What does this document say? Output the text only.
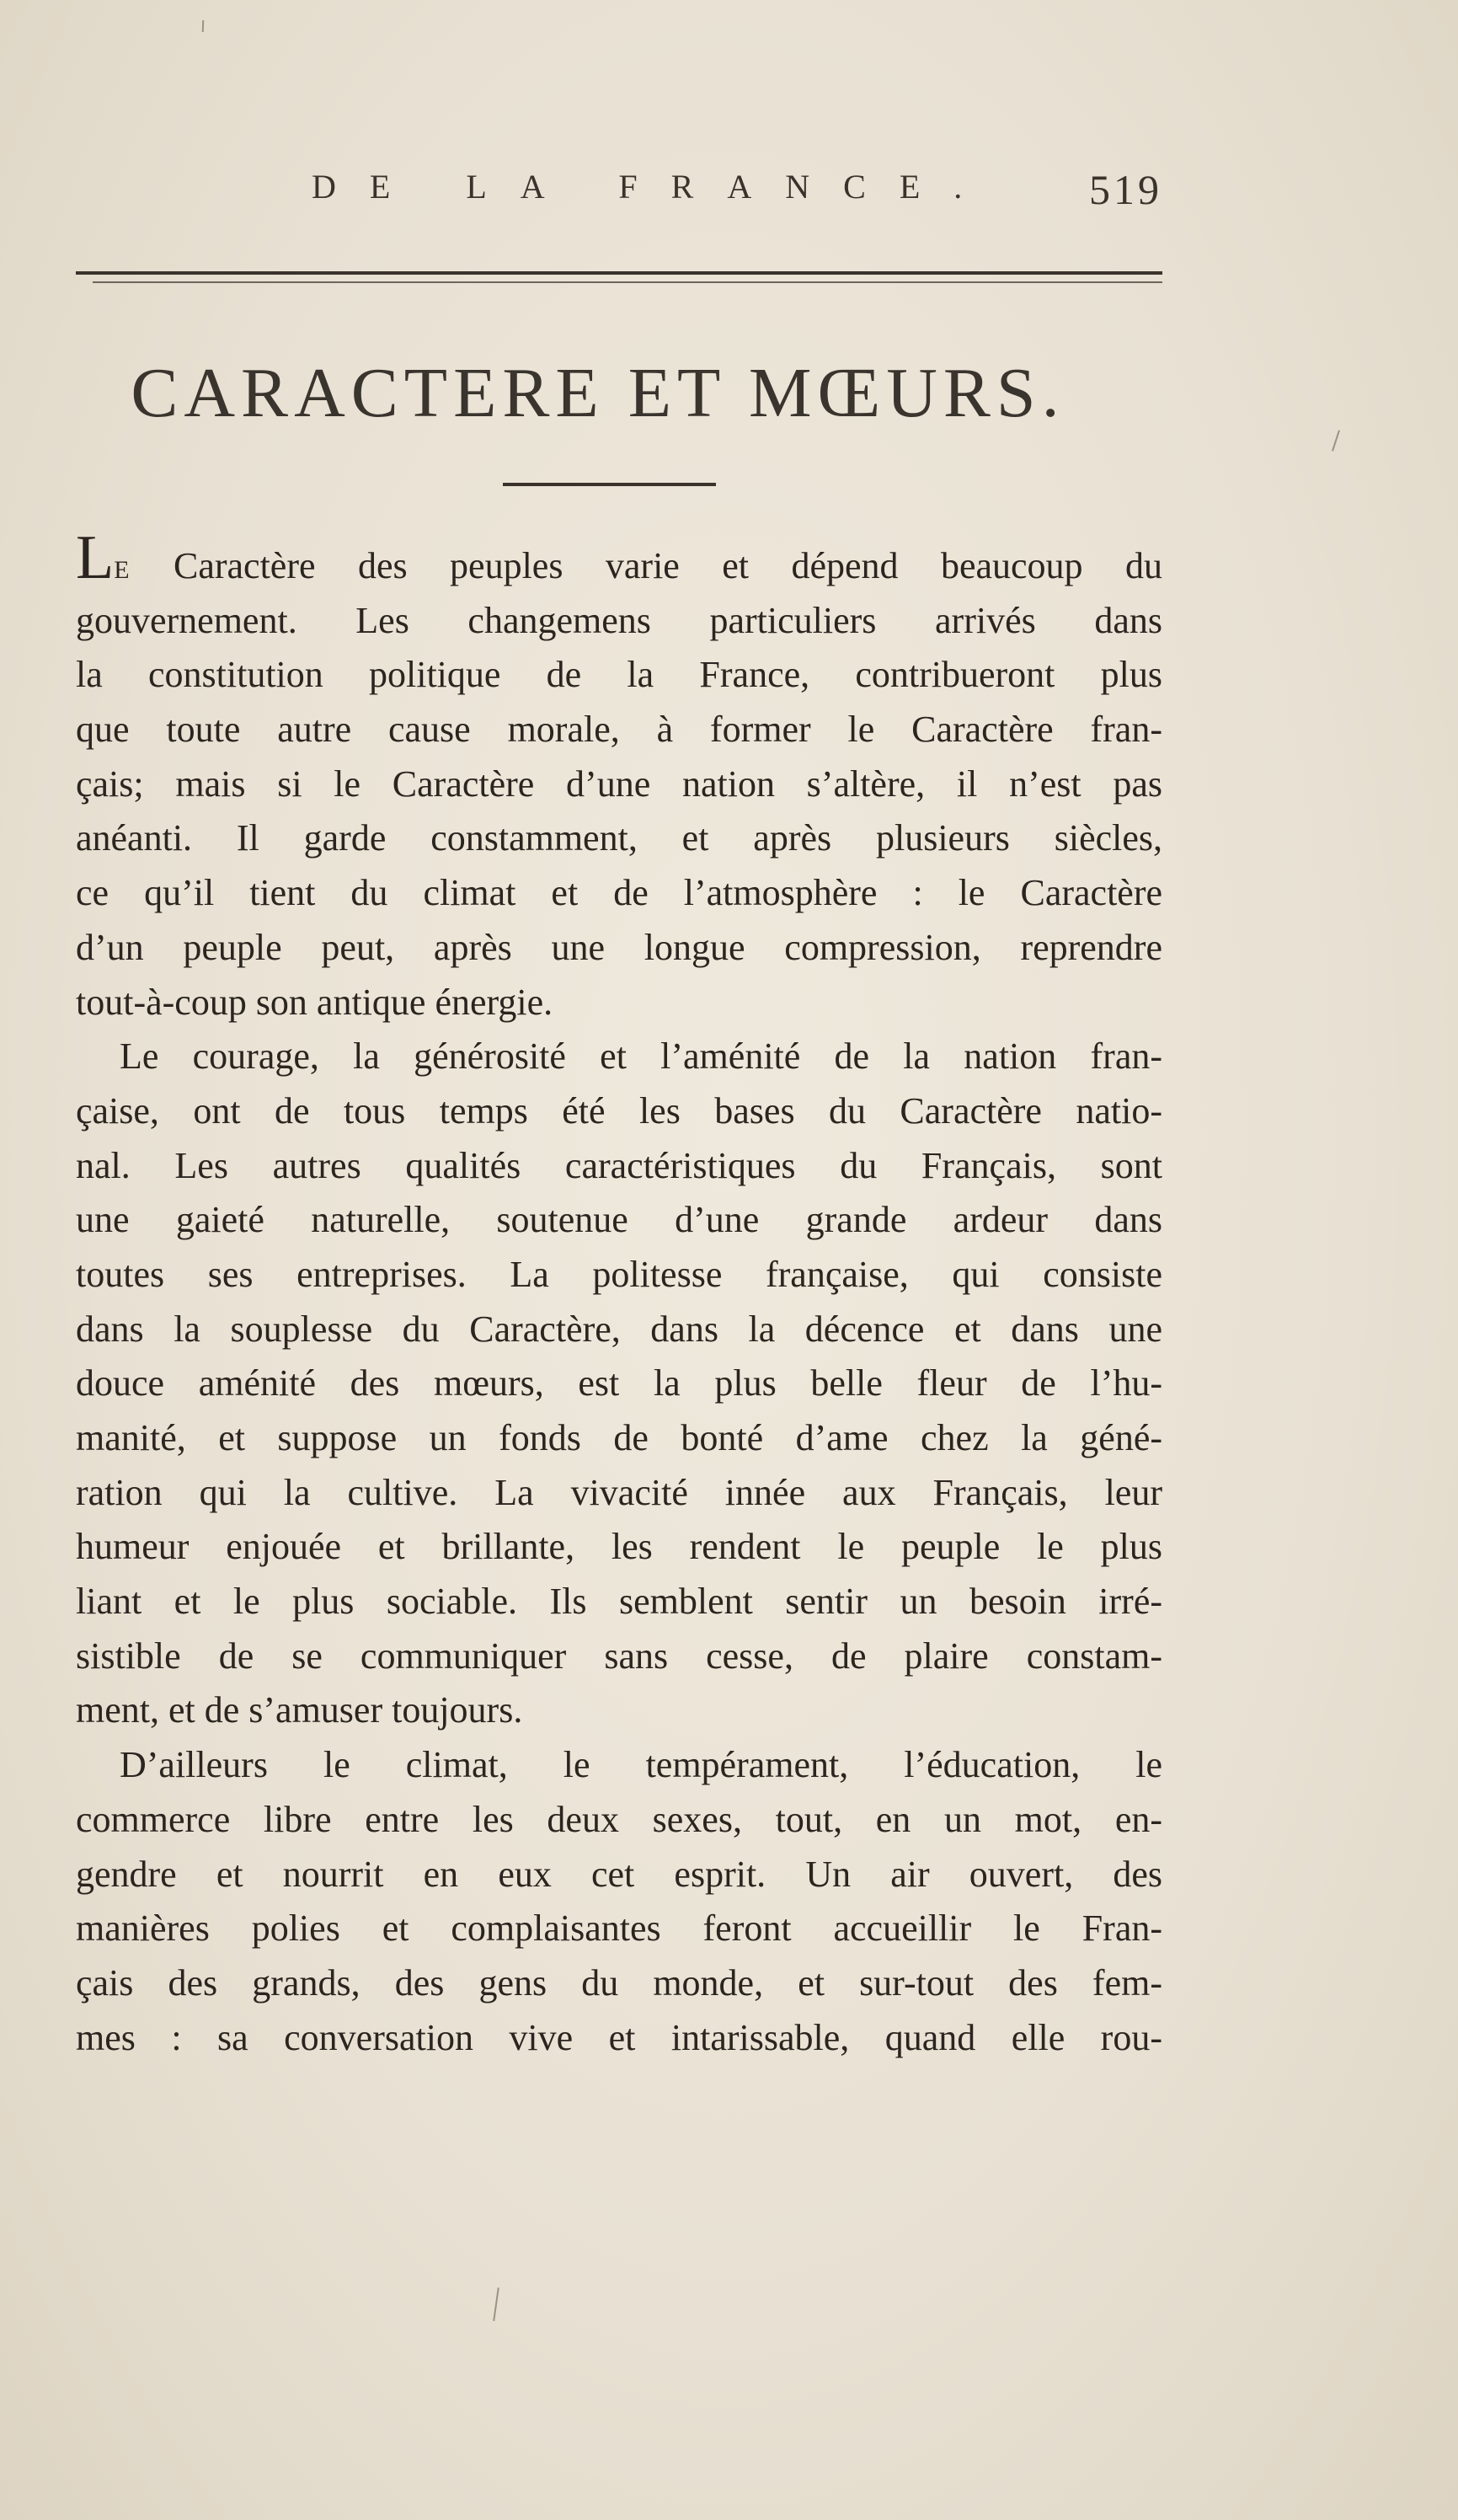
DE LA FRANCE. 519
CARACTERE ET MŒURS.
LE Caractère des peuples varie et dépend beaucoup du
gouvernement. Les changemens particuliers arrivés dans
la constitution politique de la France, contribueront plus
que toute autre cause morale, à former le Caractère fran-
çais; mais si le Caractère d’une nation s’altère, il n’est pas
anéanti. Il garde constamment, et après plusieurs siècles,
ce qu’il tient du climat et de l’atmosphère : le Caractère
d’un peuple peut, après une longue compression, reprendre
tout-à-coup son antique énergie.
Le courage, la générosité et l’aménité de la nation fran-
çaise, ont de tous temps été les bases du Caractère natio-
nal. Les autres qualités caractéristiques du Français, sont
une gaieté naturelle, soutenue d’une grande ardeur dans
toutes ses entreprises. La politesse française, qui consiste
dans la souplesse du Caractère, dans la décence et dans une
douce aménité des mœurs, est la plus belle fleur de l’hu-
manité, et suppose un fonds de bonté d’ame chez la géné-
ration qui la cultive. La vivacité innée aux Français, leur
humeur enjouée et brillante, les rendent le peuple le plus
liant et le plus sociable. Ils semblent sentir un besoin irré-
sistible de se communiquer sans cesse, de plaire constam-
ment, et de s’amuser toujours.
D’ailleurs le climat, le tempérament, l’éducation, le
commerce libre entre les deux sexes, tout, en un mot, en-
gendre et nourrit en eux cet esprit. Un air ouvert, des
manières polies et complaisantes feront accueillir le Fran-
çais des grands, des gens du monde, et sur-tout des fem-
mes : sa conversation vive et intarissable, quand elle rou-
